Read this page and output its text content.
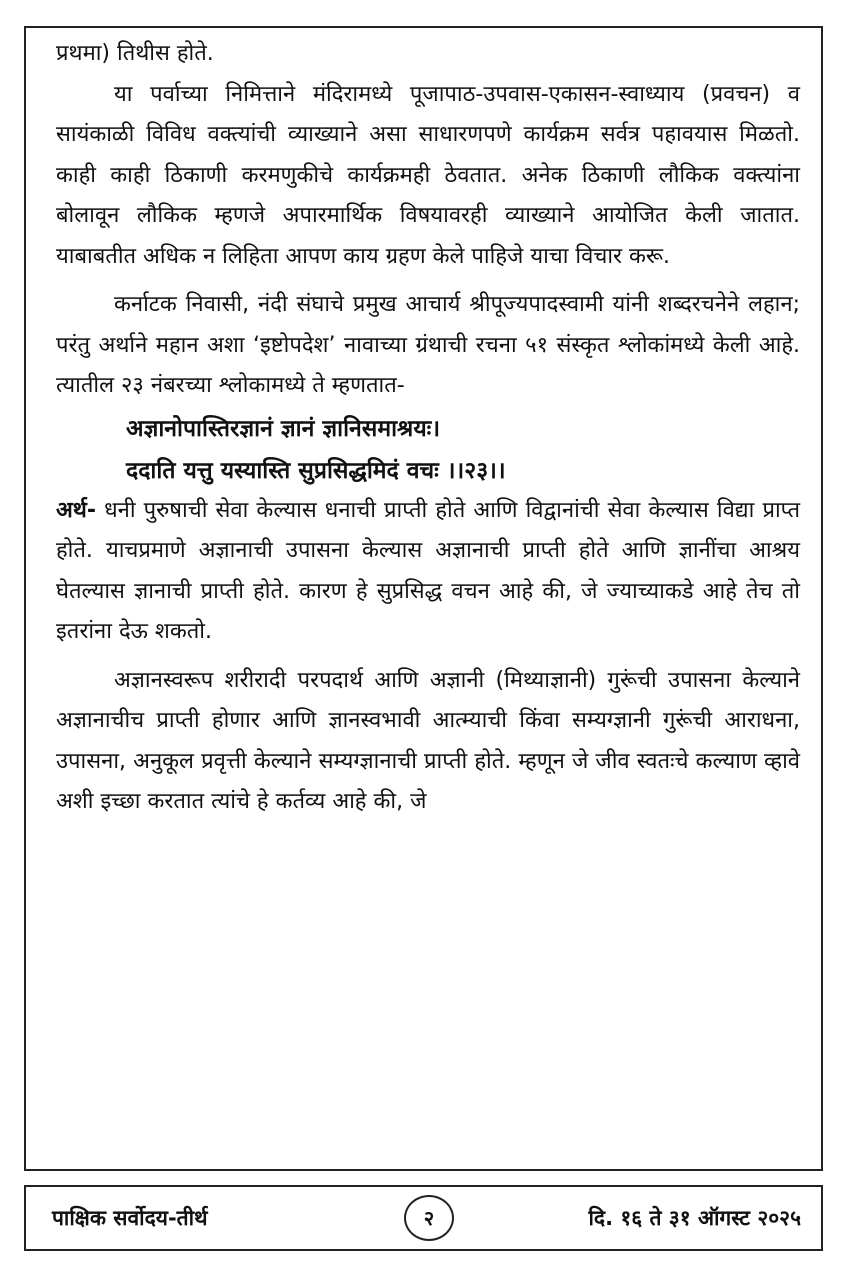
प्रथमा) तिथीस होते.

या पर्वाच्या निमित्ताने मंदिरामध्ये पूजापाठ-उपवास-एकासन-स्वाध्याय (प्रवचन) व सायंकाळी विविध वक्त्यांची व्याख्याने असा साधारणपणे कार्यक्रम सर्वत्र पहावयास मिळतो. काही काही ठिकाणी करमणुकीचे कार्यक्रमही ठेवतात. अनेक ठिकाणी लौकिक वक्त्यांना बोलावून लौकिक म्हणजे अपारमार्थिक विषयावरही व्याख्याने आयोजित केली जातात. याबाबतीत अधिक न लिहिता आपण काय ग्रहण केले पाहिजे याचा विचार करू.

कर्नाटक निवासी, नंदी संघाचे प्रमुख आचार्य श्रीपूज्यपादस्वामी यांनी शब्दरचनेने लहान; परंतु अर्थाने महान अशा ‘इष्टोपदेश’ नावाच्या ग्रंथाची रचना ५१ संस्कृत श्लोकांमध्ये केली आहे. त्यातील २३ नंबरच्या श्लोकामध्ये ते म्हणतात-

अज्ञानोपास्तिरज्ञानं ज्ञानं ज्ञानिसमाश्रयः।

ददाति यत्तु यस्यास्ति सुप्रसिद्धमिदं वचः ।।२३।।

अर्थ- धनी पुरुषाची सेवा केल्यास धनाची प्राप्ती होते आणि विद्वानांची सेवा केल्यास विद्या प्राप्त होते. याचप्रमाणे अज्ञानाची उपासना केल्यास अज्ञानाची प्राप्ती होते आणि ज्ञानींचा आश्रय घेतल्यास ज्ञानाची प्राप्ती होते. कारण हे सुप्रसिद्ध वचन आहे की, जे ज्याच्याकडे आहे तेच तो इतरांना देऊ शकतो.

अज्ञानस्वरूप शरीरादी परपदार्थ आणि अज्ञानी (मिथ्याज्ञानी) गुरूंची उपासना केल्याने अज्ञानाचीच प्राप्ती होणार आणि ज्ञानस्वभावी आत्म्याची किंवा सम्यग्ज्ञानी गुरूंची आराधना, उपासना, अनुकूल प्रवृत्ती केल्याने सम्यग्ज्ञानाची प्राप्ती होते. म्हणून जे जीव स्वतःचे कल्याण व्हावे अशी इच्छा करतात त्यांचे हे कर्तव्य आहे की, जे

पाक्षिक सर्वोदय-तीर्थ	२	दि. १६ ते ३१ ऑगस्ट २०२५
